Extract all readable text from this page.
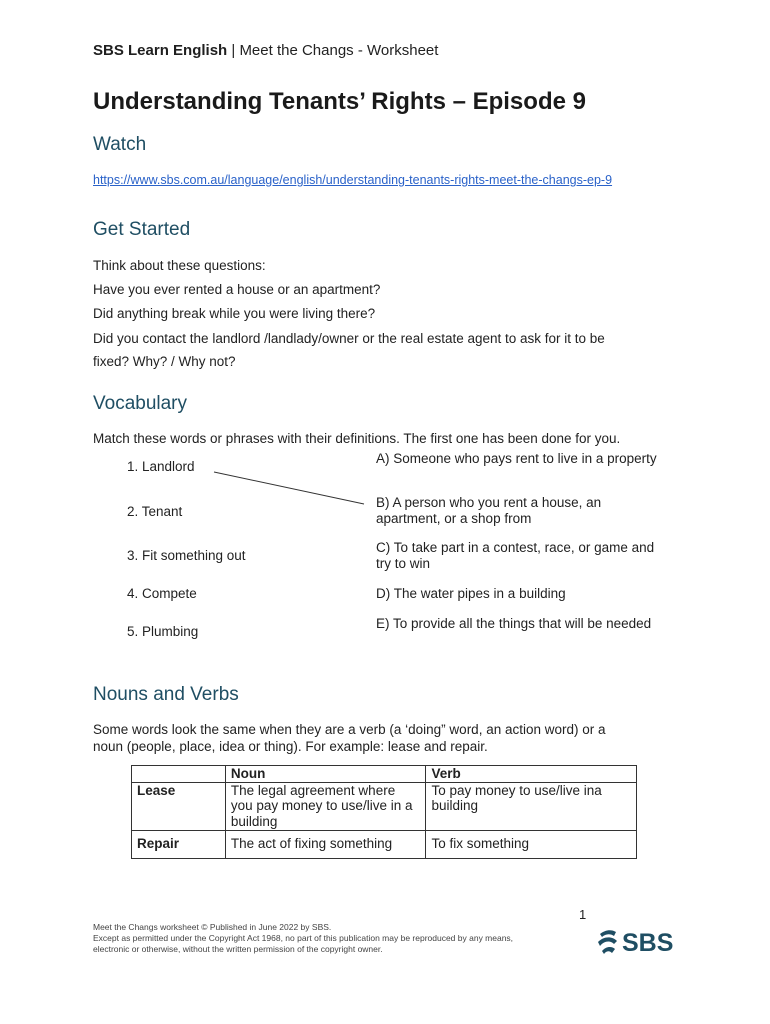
SBS Learn English | Meet the Changs - Worksheet
Understanding Tenants’ Rights – Episode 9
Watch
https://www.sbs.com.au/language/english/understanding-tenants-rights-meet-the-changs-ep-9
Get Started
Think about these questions:
Have you ever rented a house or an apartment?
Did anything break while you were living there?
Did you contact the landlord /landlady/owner or the real estate agent to ask for it to be
fixed? Why? / Why not?
Vocabulary
Match these words or phrases with their definitions. The first one has been done for you.
1. Landlord
2. Tenant
3. Fit something out
4. Compete
5. Plumbing
A) Someone who pays rent to live in a property
B) A person who you rent a house, an apartment, or a shop from
C) To take part in a contest, race, or game and try to win
D) The water pipes in a building
E) To provide all the things that will be needed
Nouns and Verbs
Some words look the same when they are a verb (a ‘doing” word, an action word) or a
noun (people, place, idea or thing). For example: lease and repair.
	Noun	Verb
Lease	The legal agreement where you pay money to use/live in a building	To pay money to use/live ina building
Repair	The act of fixing something	To fix something
1
Meet the Changs worksheet © Published in June 2022 by SBS.
Except as permitted under the Copyright Act 1968, no part of this publication may be reproduced by any means,
electronic or otherwise, without the written permission of the copyright owner.	SBS
